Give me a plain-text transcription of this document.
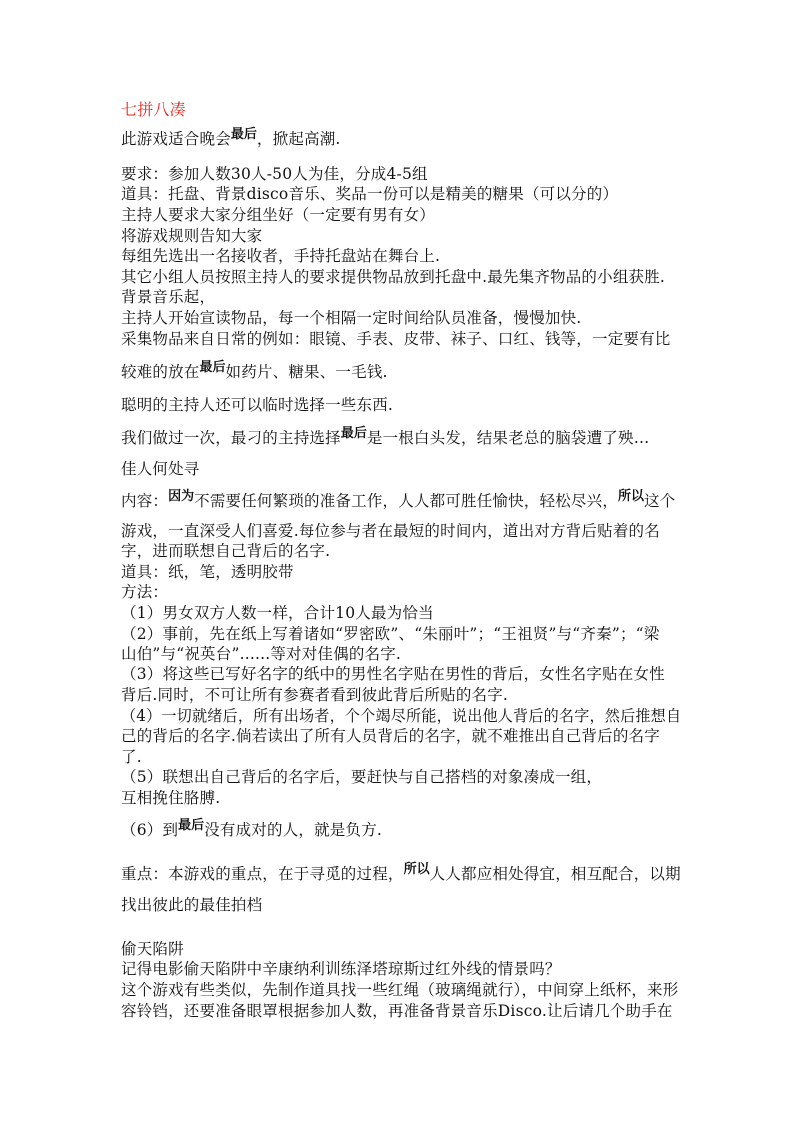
七拼八凑
此游戏适合晚会$^{最后}$，掀起高潮.
要求：参加人数30人-50人为佳，分成4-5组
道具：托盘、背景disco音乐、奖品一份可以是精美的糖果（可以分的）
主持人要求大家分组坐好（一定要有男有女）
将游戏规则告知大家
每组先选出一名接收者，手持托盘站在舞台上.
其它小组人员按照主持人的要求提供物品放到托盘中.最先集齐物品的小组获胜.
背景音乐起，
主持人开始宣读物品，每一个相隔一定时间给队员准备，慢慢加快.
采集物品来自日常的例如：眼镜、手表、皮带、袜子、口红、钱等，一定要有比
较难的放在$^{最后}$如药片、糖果、一毛钱.
聪明的主持人还可以临时选择一些东西.
我们做过一次，最刁的主持选择$^{最后}$是一根白头发，结果老总的脑袋遭了殃…
佳人何处寻
内容：$^{因为}$不需要任何繁琐的准备工作，人人都可胜任愉快，轻松尽兴，$^{所以}$这个
游戏，一直深受人们喜爱.每位参与者在最短的时间内，道出对方背后贴着的名
字，进而联想自己背后的名字.
道具：纸，笔，透明胶带
方法：
（1）男女双方人数一样，合计10人最为恰当
（2）事前，先在纸上写着诸如“罗密欧”、“朱丽叶”；“王祖贤”与“齐秦”；“梁
山伯”与“祝英台”......等对对佳偶的名字.
（3）将这些已写好名字的纸中的男性名字贴在男性的背后，女性名字贴在女性
背后.同时，不可让所有参赛者看到彼此背后所贴的名字.
（4）一切就绪后，所有出场者，个个竭尽所能，说出他人背后的名字，然后推想自
己的背后的名字.倘若读出了所有人员背后的名字，就不难推出自己背后的名字
了.
（5）联想出自己背后的名字后，要赶快与自己搭档的对象凑成一组，
互相挽住胳膊.
（6）到$^{最后}$没有成对的人，就是负方.
重点：本游戏的重点，在于寻觅的过程，$^{所以}$人人都应相处得宜，相互配合，以期
找出彼此的最佳拍档
偷天陷阱
记得电影偷天陷阱中辛康纳利训练泽塔琼斯过红外线的情景吗？
这个游戏有些类似，先制作道具找一些红绳（玻璃绳就行），中间穿上纸杯，来形
容铃铛，还要准备眼罩根据参加人数，再准备背景音乐Disco.让后请几个助手在
